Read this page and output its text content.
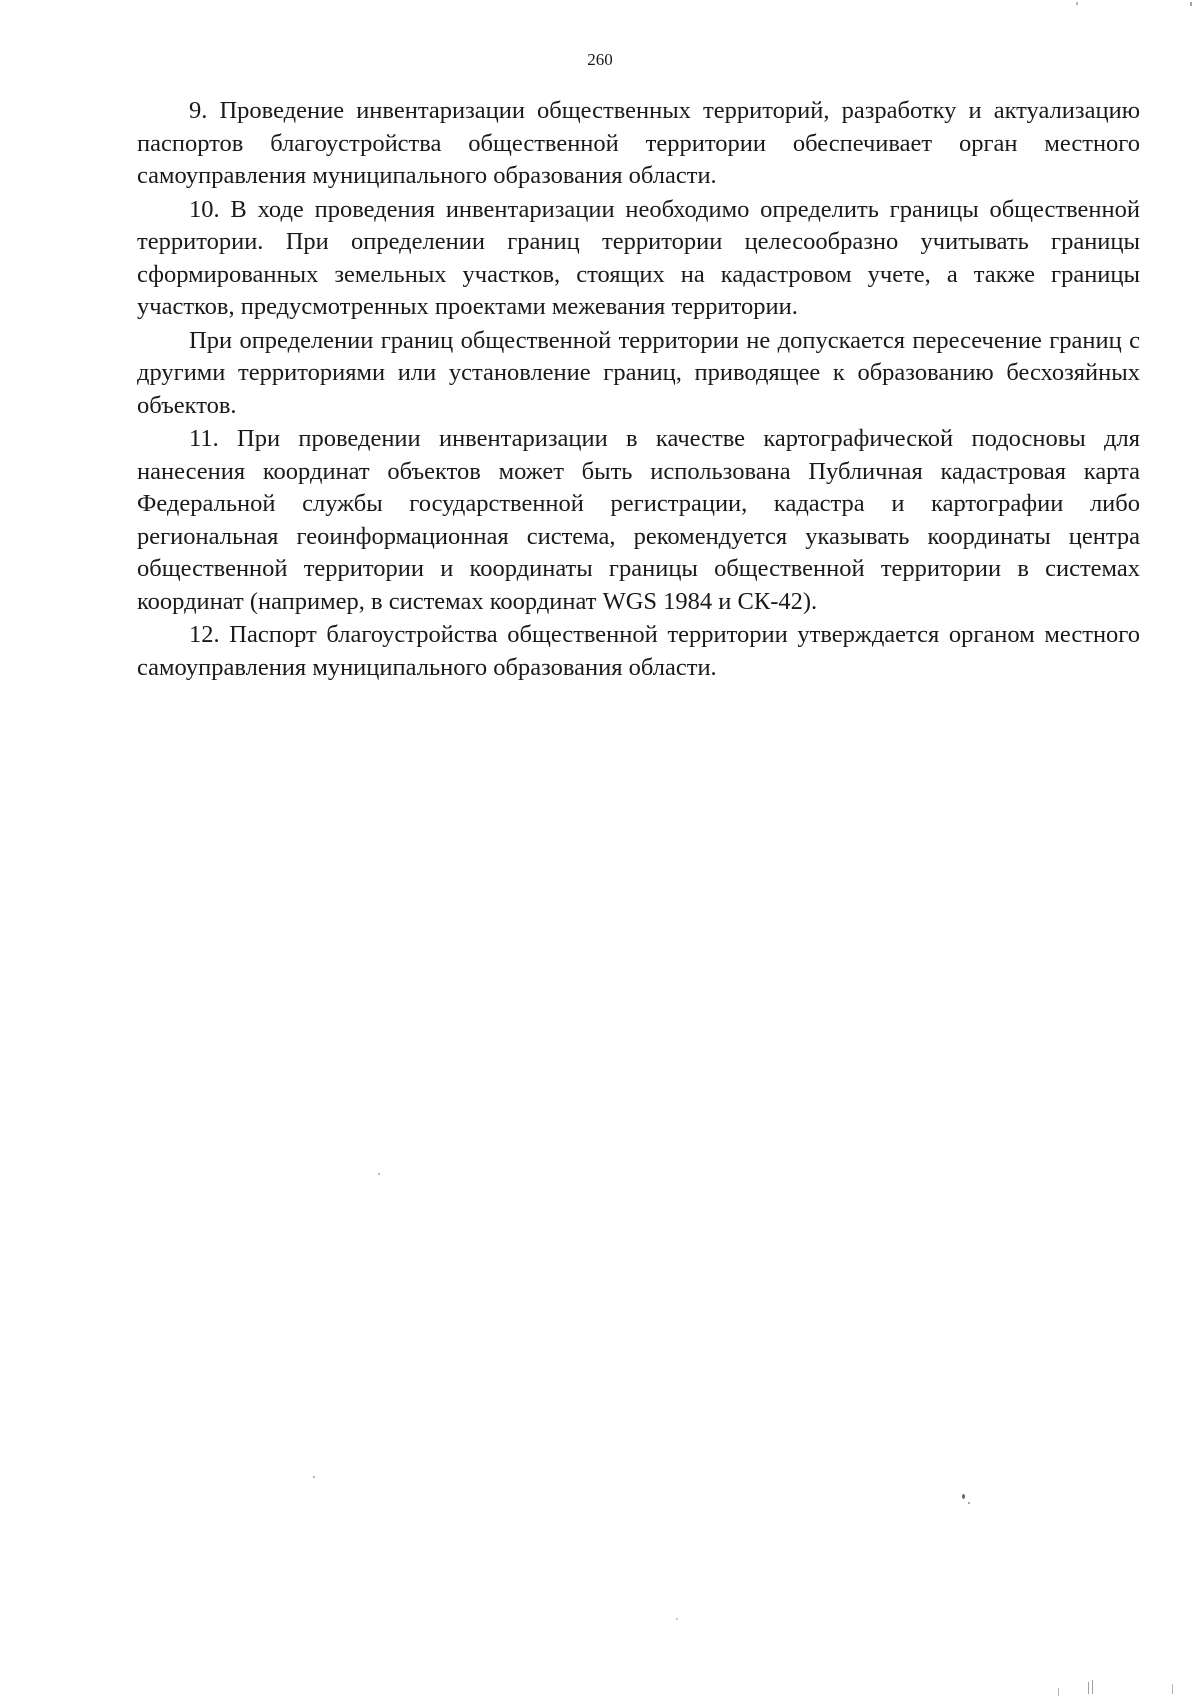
260

9. Проведение инвентаризации общественных территорий, разработку и актуализацию паспортов благоустройства общественной территории обеспечивает орган местного самоуправления муниципального образования области.

10. В ходе проведения инвентаризации необходимо определить границы общественной территории. При определении границ территории целесообразно учитывать границы сформированных земельных участков, стоящих на кадастровом учете, а также границы участков, предусмотренных проектами межевания территории.

При определении границ общественной территории не допускается пересечение границ с другими территориями или установление границ, приводящее к образованию бесхозяйных объектов.

11. При проведении инвентаризации в качестве картографической подосновы для нанесения координат объектов может быть использована Публичная кадастровая карта Федеральной службы государственной регистрации, кадастра и картографии либо региональная геоинформационная система, рекомендуется указывать координаты центра общественной территории и координаты границы общественной территории в системах координат (например, в системах координат WGS 1984 и СК-42).

12. Паспорт благоустройства общественной территории утверждается органом местного самоуправления муниципального образования области.
